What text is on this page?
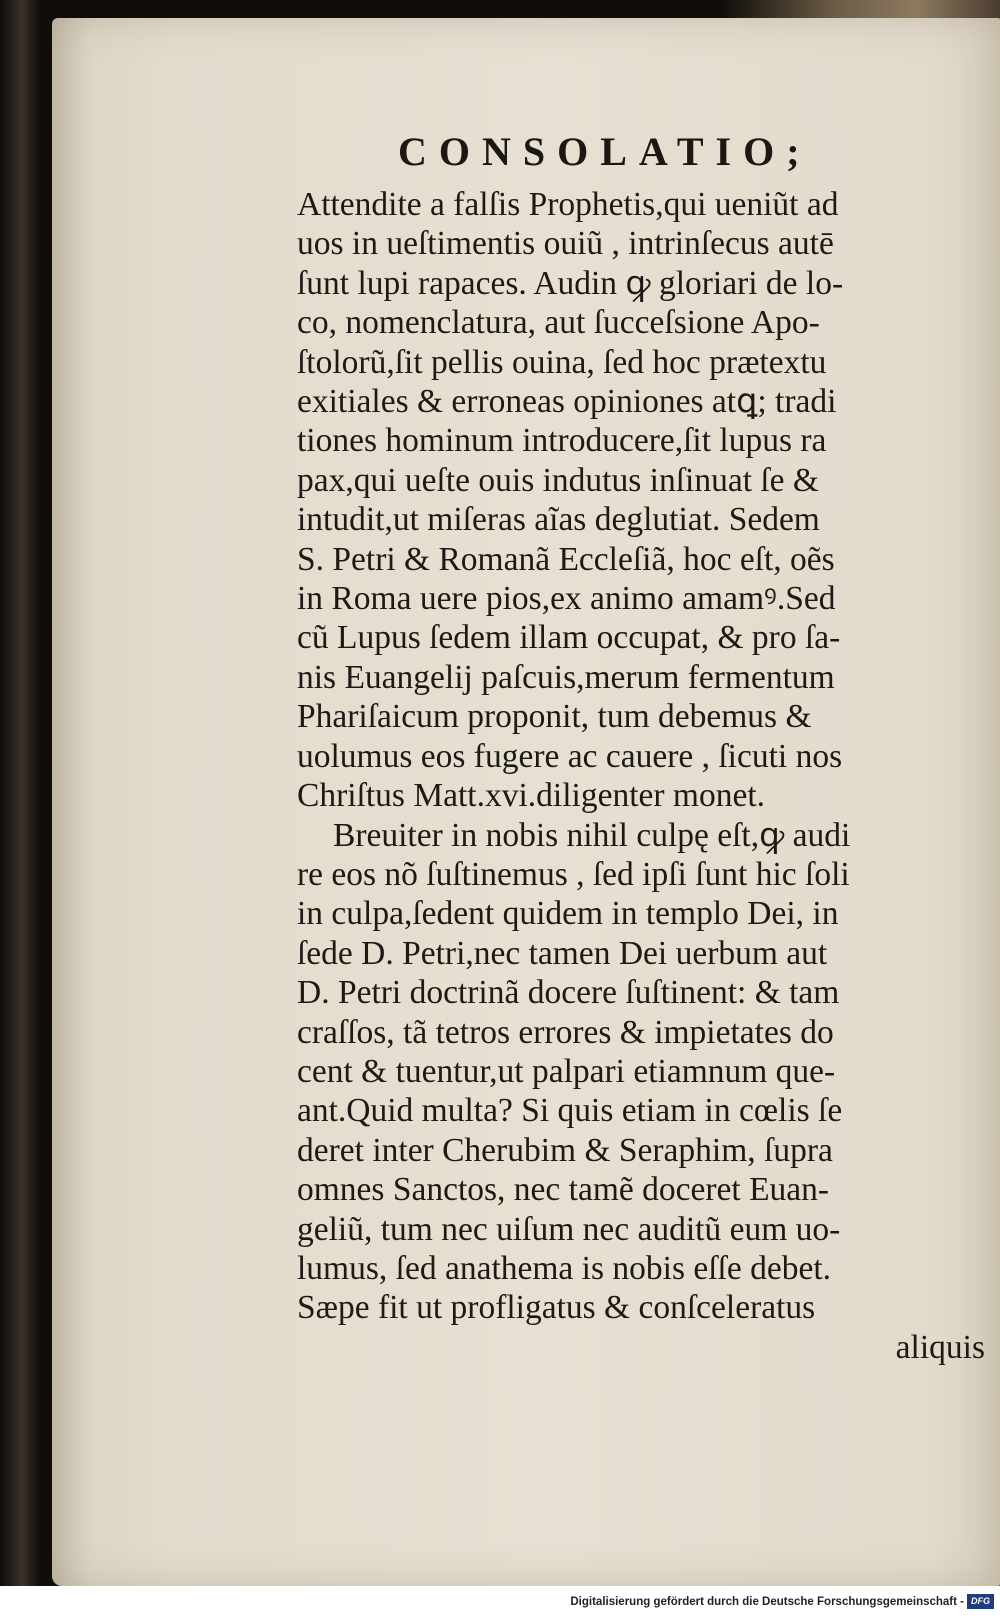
CONSOLATIO;
Attendite a falſis Prophetis,qui ueniũt ad
uos in ueſtimentis ouiũ , intrinſecus autē
ſunt lupi rapaces. Audin ꝙ gloriari de lo-
co, nomenclatura, aut ſucceſsione Apo-
ſtolorũ,ſit pellis ouina, ſed hoc prætextu
exitiales & erroneas opiniones atꝗ; tradi
tiones hominum introducere,ſit lupus ra
pax,qui ueſte ouis indutus inſinuat ſe &
intudit,ut miſeras aĩas deglutiat. Sedem
S. Petri & Romanã Eccleſiã, hoc eſt, oẽs
in Roma uere pios,ex animo amamꝰ.Sed
cũ Lupus ſedem illam occupat, & pro ſa-
nis Euangelij paſcuis,merum fermentum
Phariſaicum proponit, tum debemus &
uolumus eos fugere ac cauere , ſicuti nos
Chriſtus Matt.xvi.diligenter monet.
Breuiter in nobis nihil culpę eſt,ꝙ audi
re eos nõ ſuſtinemus , ſed ipſi ſunt hic ſoli
in culpa,ſedent quidem in templo Dei, in
ſede D. Petri,nec tamen Dei uerbum aut
D. Petri doctrinã docere ſuſtinent: & tam
craſſos, tã tetros errores & impietates do
cent & tuentur,ut palpari etiamnum que-
ant.Quid multa? Si quis etiam in cœlis ſe
deret inter Cherubim & Seraphim, ſupra
omnes Sanctos, nec tamẽ doceret Euan-
geliũ, tum nec uiſum nec auditũ eum uo-
lumus, ſed anathema is nobis eſſe debet.
Sæpe fit ut profligatus & conſceleratus
aliquis
Digitalisierung gefördert durch die Deutsche Forschungsgemeinschaft - DFG
